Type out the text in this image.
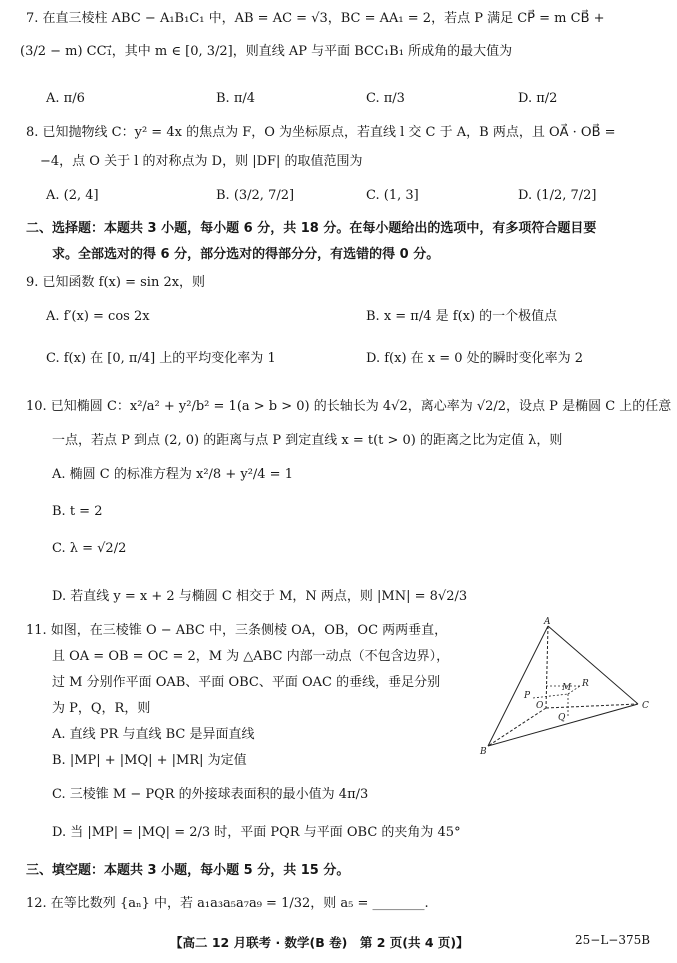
7. 在直三棱柱 ABC − A₁B₁C₁ 中，AB = AC = √3，BC = AA₁ = 2，若点 P 满足 CP⃗ = m CB⃗ +
(3/2 − m) CC₁⃗，其中 m ∈ [0, 3/2]，则直线 AP 与平面 BCC₁B₁ 所成角的最大值为
A. π/6	B. π/4	C. π/3	D. π/2
8. 已知抛物线 C：y² = 4x 的焦点为 F，O 为坐标原点，若直线 l 交 C 于 A，B 两点，且 OA⃗ · OB⃗ =
−4，点 O 关于 l 的对称点为 D，则 |DF| 的取值范围为
A. (2, 4]	B. (3/2, 7/2]	C. (1, 3]	D. (1/2, 7/2]
二、选择题：本题共 3 小题，每小题 6 分，共 18 分。在每小题给出的选项中，有多项符合题目要
求。全部选对的得 6 分，部分选对的得部分分，有选错的得 0 分。
9. 已知函数 f(x) = sin 2x，则
A. f′(x) = cos 2x	B. x = π/4 是 f(x) 的一个极值点
C. f(x) 在 [0, π/4] 上的平均变化率为 1	D. f(x) 在 x = 0 处的瞬时变化率为 2
10. 已知椭圆 C：x²/a² + y²/b² = 1(a > b > 0) 的长轴长为 4√2，离心率为 √2/2，设点 P 是椭圆 C 上的任意
一点，若点 P 到点 (2, 0) 的距离与点 P 到定直线 x = t(t > 0) 的距离之比为定值 λ，则
A. 椭圆 C 的标准方程为 x²/8 + y²/4 = 1
B. t = 2
C. λ = √2/2
D. 若直线 y = x + 2 与椭圆 C 相交于 M，N 两点，则 |MN| = 8√2/3
11. 如图，在三棱锥 O − ABC 中，三条侧棱 OA，OB，OC 两两垂直，
且 OA = OB = OC = 2，M 为 △ABC 内部一动点（不包含边界），
过 M 分别作平面 OAB、平面 OBC、平面 OAC 的垂线，垂足分别
为 P，Q，R，则
A. 直线 PR 与直线 BC 是异面直线
B. |MP| + |MQ| + |MR| 为定值
C. 三棱锥 M − PQR 的外接球表面积的最小值为 4π/3
D. 当 |MP| = |MQ| = 2/3 时，平面 PQR 与平面 OBC 的夹角为 45°
A
B
C
O
M R
P
Q
三、填空题：本题共 3 小题，每小题 5 分，共 15 分。
12. 在等比数列 {aₙ} 中，若 a₁a₃a₅a₇a₉ = 1/32，则 a₅ = ________.
【高二 12 月联考 · 数学(B 卷)　第 2 页(共 4 页)】	25−L−375B
